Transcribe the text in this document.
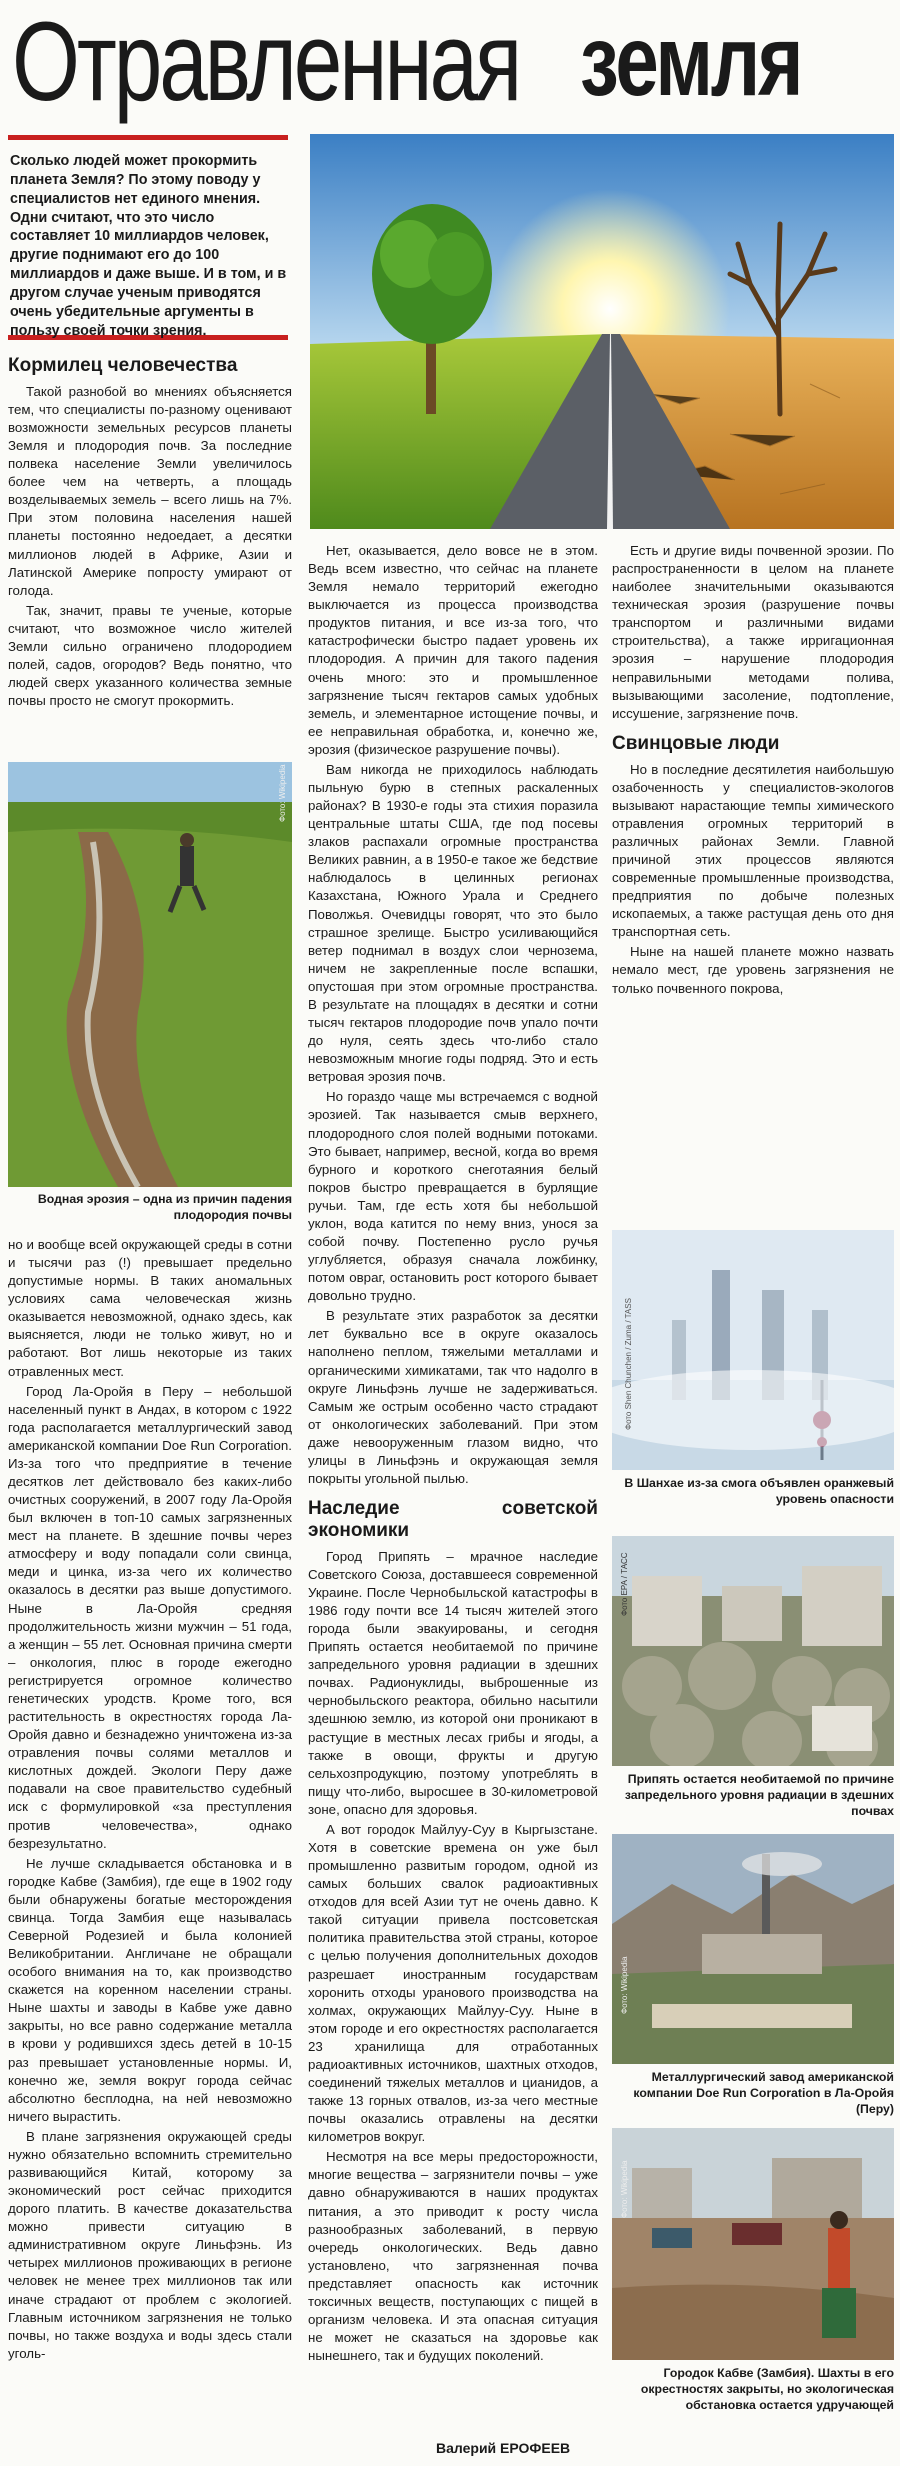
Отравленная земля

Сколько людей может прокормить планета Земля? По этому поводу у специалистов нет единого мнения. Одни считают, что это число составляет 10 миллиардов человек, другие поднимают его до 100 миллиардов и даже выше. И в том, и в другом случае ученым приводятся очень убедительные аргументы в пользу своей точки зрения.

Кормилец человечества

Такой разнобой во мнениях объясняется тем, что специалисты по-разному оценивают возможности земельных ресурсов планеты Земля и плодородия почв. За последние полвека население Земли увеличилось более чем на четверть, а площадь возделываемых земель – всего лишь на 7%. При этом половина населения нашей планеты постоянно недоедает, а десятки миллионов людей в Африке, Азии и Латинской Америке попросту умирают от голода.

Так, значит, правы те ученые, которые считают, что возможное число жителей Земли сильно ограничено плодородием полей, садов, огородов? Ведь понятно, что людей сверх указанного количества земные почвы просто не смогут прокормить.

Фото: Wikipedia
Водная эрозия – одна из причин падения плодородия почвы

но и вообще всей окружающей среды в сотни и тысячи раз (!) превышает предельно допустимые нормы. В таких аномальных условиях сама человеческая жизнь оказывается невозможной, однако здесь, как выясняется, люди не только живут, но и работают. Вот лишь некоторые из таких отравленных мест.

Город Ла-Оройя в Перу – небольшой населенный пункт в Андах, в котором с 1922 года располагается металлургический завод американской компании Doe Run Corporation. Из-за того что предприятие в течение десятков лет действовало без каких-либо очистных сооружений, в 2007 году Ла-Оройя был включен в топ-10 самых загрязненных мест на планете. В здешние почвы через атмосферу и воду попадали соли свинца, меди и цинка, из-за чего их количество оказалось в десятки раз выше допустимого. Ныне в Ла-Оройя средняя продолжительность жизни мужчин – 51 года, а женщин – 55 лет. Основная причина смерти – онкология, плюс в городе ежегодно регистрируется огромное количество генетических уродств. Кроме того, вся растительность в окрестностях города Ла-Оройя давно и безнадежно уничтожена из-за отравления почвы солями металлов и кислотных дождей. Экологи Перу даже подавали на свое правительство судебный иск с формулировкой «за преступления против человечества», однако безрезультатно.

Не лучше складывается обстановка и в городке Кабве (Замбия), где еще в 1902 году были обнаружены богатые месторождения свинца. Тогда Замбия еще называлась Северной Родезией и была колонией Великобритании. Англичане не обращали особого внимания на то, как производство скажется на коренном населении страны. Ныне шахты и заводы в Кабве уже давно закрыты, но все равно содержание металла в крови у родившихся здесь детей в 10-15 раз превышает установленные нормы. И, конечно же, земля вокруг города сейчас абсолютно бесплодна, на ней невозможно ничего вырастить.

В плане загрязнения окружающей среды нужно обязательно вспомнить стремительно развивающийся Китай, которому за экономический рост сейчас приходится дорого платить. В качестве доказательства можно привести ситуацию в административном округе Линьфэнь. Из четырех миллионов проживающих в регионе человек не менее трех миллионов так или иначе страдают от проблем с экологией. Главным источником загрязнения не только почвы, но также воздуха и воды здесь стали уголь-

Нет, оказывается, дело вовсе не в этом. Ведь всем известно, что сейчас на планете Земля немало территорий ежегодно выключается из процесса производства продуктов питания, и все из-за того, что катастрофически быстро падает уровень их плодородия. А причин для такого падения очень много: это и промышленное загрязнение тысяч гектаров самых удобных земель, и элементарное истощение почвы, и ее неправильная обработка, и, конечно же, эрозия (физическое разрушение почвы).

Вам никогда не приходилось наблюдать пыльную бурю в степных раскаленных районах? В 1930-е годы эта стихия поразила центральные штаты США, где под посевы злаков распахали огромные пространства Великих равнин, а в 1950-е такое же бедствие наблюдалось в целинных регионах Казахстана, Южного Урала и Среднего Поволжья. Очевидцы говорят, что это было страшное зрелище. Быстро усиливающийся ветер поднимал в воздух слои чернозема, ничем не закрепленные после вспашки, опустошая при этом огромные пространства. В результате на площадях в десятки и сотни тысяч гектаров плодородие почв упало почти до нуля, сеять здесь что-либо стало невозможным многие годы подряд. Это и есть ветровая эрозия почв.

Но гораздо чаще мы встречаемся с водной эрозией. Так называется смыв верхнего, плодородного слоя полей водными потоками. Это бывает, например, весной, когда во время бурного и короткого снеготаяния белый покров быстро превращается в бурлящие ручьи. Там, где есть хотя бы небольшой уклон, вода катится по нему вниз, унося за собой почву. Постепенно русло ручья углубляется, образуя сначала ложбинку, потом овраг, остановить рост которого бывает довольно трудно.

В результате этих разработок за десятки лет буквально все в округе оказалось наполнено пеплом, тяжелыми металлами и органическими химикатами, так что надолго в округе Линьфэнь лучше не задерживаться. Самым же острым особенно часто страдают от онкологических заболеваний. При этом даже невооруженным глазом видно, что улицы в Линьфэнь и окружающая земля покрыты угольной пылью.

Наследие советской экономики

Город Припять – мрачное наследие Советского Союза, доставшееся современной Украине. После Чернобыльской катастрофы в 1986 году почти все 14 тысяч жителей этого города были эвакуированы, и сегодня Припять остается необитаемой по причине запредельного уровня радиации в здешних почвах. Радионуклиды, выброшенные из чернобыльского реактора, обильно насытили здешнюю землю, из которой они проникают в растущие в местных лесах грибы и ягоды, а также в овощи, фрукты и другую сельхозпродукцию, поэтому употреблять в пищу что-либо, выросшее в 30-километровой зоне, опасно для здоровья.

А вот городок Майлуу-Суу в Кыргызстане. Хотя в советские времена он уже был промышленно развитым городом, одной из самых больших свалок радиоактивных отходов для всей Азии тут не очень давно. К такой ситуации привела постсоветская политика правительства этой страны, которое с целью получения дополнительных доходов разрешает иностранным государствам хоронить отходы уранового производства на холмах, окружающих Майлуу-Суу. Ныне в этом городе и его окрестностях располагается 23 хранилища для отработанных радиоактивных источников, шахтных отходов, соединений тяжелых металлов и цианидов, а также 13 горных отвалов, из-за чего местные почвы оказались отравлены на десятки километров вокруг.

Несмотря на все меры предосторожности, многие вещества – загрязнители почвы – уже давно обнаруживаются в наших продуктах питания, а это приводит к росту числа разнообразных заболеваний, в первую очередь онкологических. Ведь давно установлено, что загрязненная почва представляет опасность как источник токсичных веществ, поступающих с пищей в организм человека. И эта опасная ситуация не может не сказаться на здоровье как нынешнего, так и будущих поколений.

Валерий ЕРОФЕЕВ

Есть и другие виды почвенной эрозии. По распространенности в целом на планете наиболее значительными оказываются техническая эрозия (разрушение почвы транспортом и различными видами строительства), а также ирригационная эрозия – нарушение плодородия неправильными методами полива, вызывающими засоление, подтопление, иссушение, загрязнение почв.

Свинцовые люди

Но в последние десятилетия наибольшую озабоченность у специалистов-экологов вызывают нарастающие темпы химического отравления огромных территорий в различных районах Земли. Главной причиной этих процессов являются современные промышленные производства, предприятия по добыче полезных ископаемых, а также растущая день ото дня транспортная сеть.

Ныне на нашей планете можно назвать немало мест, где уровень загрязнения не только почвенного покрова,

Фото Shen Chunchen / Zuma / TASS
В Шанхае из-за смога объявлен оранжевый уровень опасности
Фото EPA / ТАСС
Припять остается необитаемой по причине запредельного уровня радиации в здешних почвах
Фото: Wikipedia
Металлургический завод американской компании Doe Run Corporation в Ла-Оройя (Перу)
Фото: Wikipedia
Городок Кабве (Замбия). Шахты в его окрестностях закрыты, но экологическая обстановка остается удручающей
